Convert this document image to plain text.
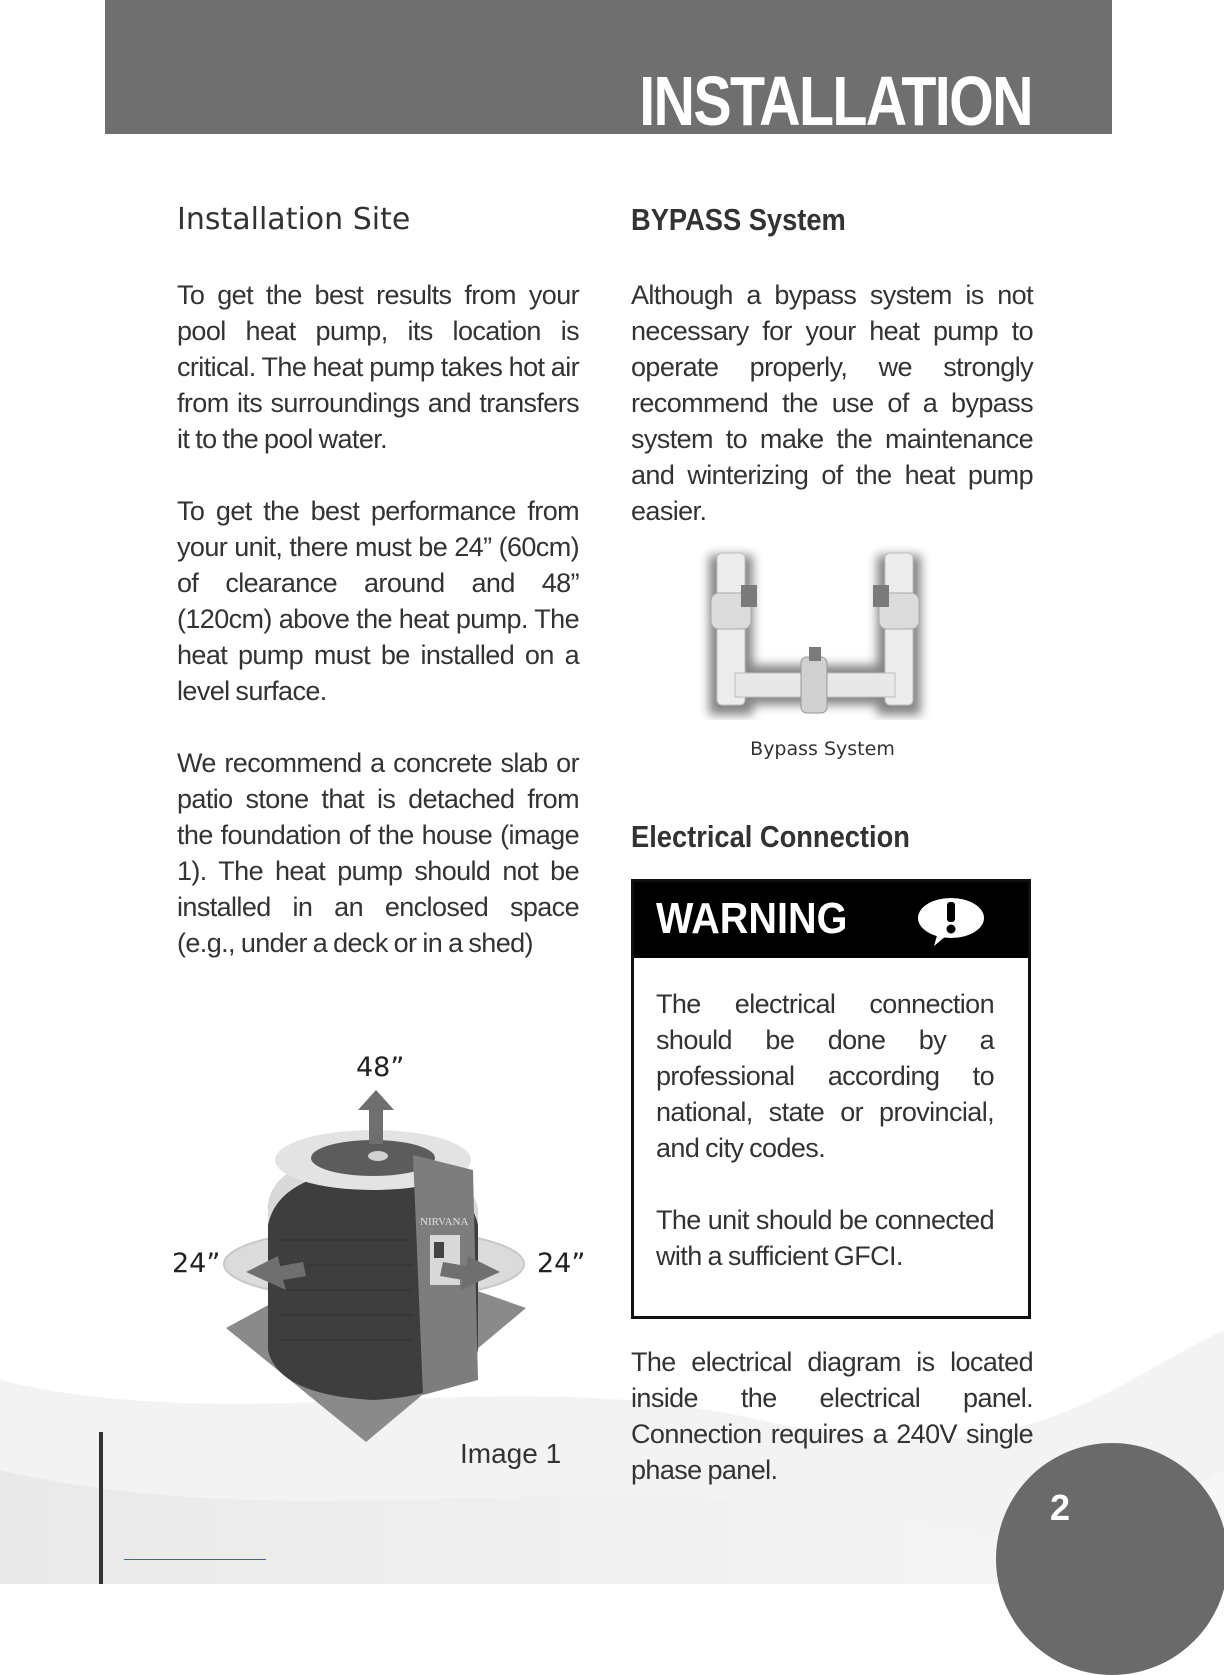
INSTALLATION
Installation Site

To get the best results from your pool heat pump, its location is critical. The heat pump takes hot air from its surroundings and transfers it to the pool water.

To get the best performance from your unit, there must be 24” (60cm) of clearance around and 48” (120cm) above the heat pump. The heat pump must be installed on a level surface.

We recommend a concrete slab or patio stone that is detached from the foundation of the house (image 1). The heat pump should not be installed in an enclosed space (e.g., under a deck or in a shed)

NIRVANA
48”
24”	24”
Image 1
BYPASS System

Although a bypass system is not necessary for your heat pump to operate properly, we strongly recommend the use of a bypass system to make the maintenance and winterizing of the heat pump easier.

Bypass System
Electrical Connection
WARNING

The electrical connection should be done by a professional according to national, state or provincial, and city codes.

The unit should be connected with a sufficient GFCI.

The electrical diagram is located inside the electrical panel. Connection requires a 240V single phase panel.

2
